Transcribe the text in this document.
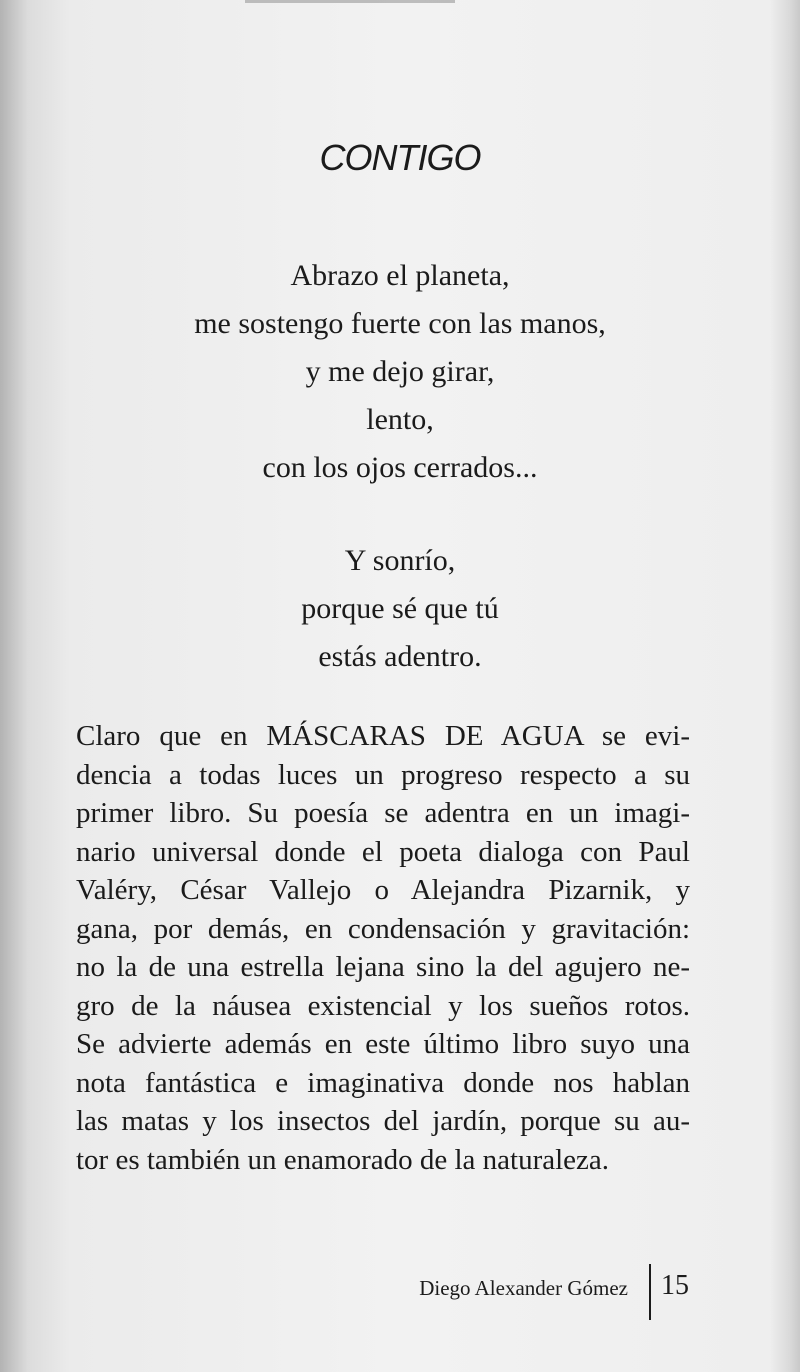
CONTIGO
Abrazo el planeta,
me sostengo fuerte con las manos,
y me dejo girar,
lento,
con los ojos cerrados...
Y sonrío,
porque sé que tú
estás adentro.
Claro que en MÁSCARAS DE AGUA se evi-
dencia a todas luces un progreso respecto a su
primer libro. Su poesía se adentra en un imagi-
nario universal donde el poeta dialoga con Paul
Valéry, César Vallejo o Alejandra Pizarnik, y
gana, por demás, en condensación y gravitación:
no la de una estrella lejana sino la del agujero ne-
gro de la náusea existencial y los sueños rotos.
Se advierte además en este último libro suyo una
nota fantástica e imaginativa donde nos hablan
las matas y los insectos del jardín, porque su au-
tor es también un enamorado de la naturaleza.
Diego Alexander Gómez 15
